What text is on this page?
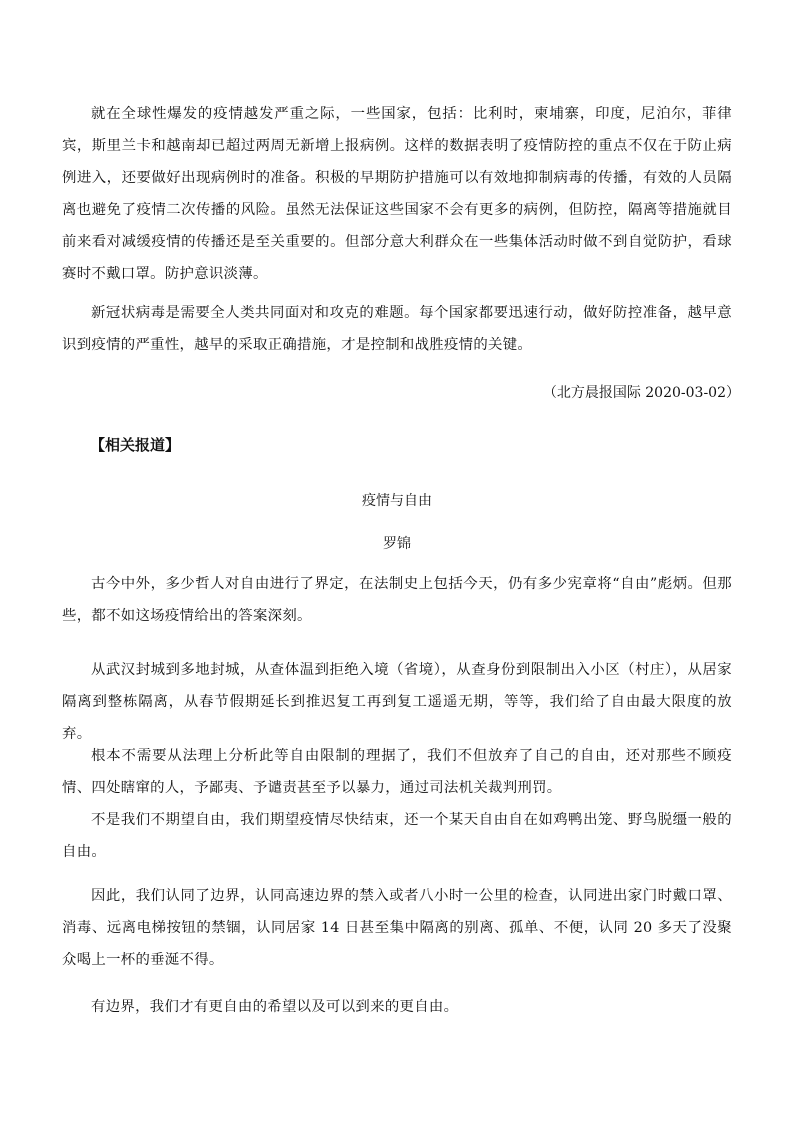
就在全球性爆发的疫情越发严重之际，一些国家，包括：比利时，柬埔寨，印度，尼泊尔，菲律宾，斯里兰卡和越南却已超过两周无新增上报病例。这样的数据表明了疫情防控的重点不仅在于防止病例进入，还要做好出现病例时的准备。积极的早期防护措施可以有效地抑制病毒的传播，有效的人员隔离也避免了疫情二次传播的风险。虽然无法保证这些国家不会有更多的病例，但防控，隔离等措施就目前来看对减缓疫情的传播还是至关重要的。但部分意大利群众在一些集体活动时做不到自觉防护，看球赛时不戴口罩。防护意识淡薄。

新冠状病毒是需要全人类共同面对和攻克的难题。每个国家都要迅速行动，做好防控准备，越早意识到疫情的严重性，越早的采取正确措施，才是控制和战胜疫情的关键。

（北方晨报国际 2020-03-02）

【相关报道】

疫情与自由

罗锦

古今中外，多少哲人对自由进行了界定，在法制史上包括今天，仍有多少宪章将“自由”彪炳。但那些，都不如这场疫情给出的答案深刻。

从武汉封城到多地封城，从查体温到拒绝入境（省境），从查身份到限制出入小区（村庄），从居家隔离到整栋隔离，从春节假期延长到推迟复工再到复工遥遥无期，等等，我们给了自由最大限度的放弃。

根本不需要从法理上分析此等自由限制的理据了，我们不但放弃了自己的自由，还对那些不顾疫情、四处瞎窜的人，予鄙夷、予谴责甚至予以暴力，通过司法机关裁判刑罚。

不是我们不期望自由，我们期望疫情尽快结束，还一个某天自由自在如鸡鸭出笼、野鸟脱缰一般的自由。

因此，我们认同了边界，认同高速边界的禁入或者八小时一公里的检查，认同进出家门时戴口罩、消毒、远离电梯按钮的禁锢，认同居家 14 日甚至集中隔离的别离、孤单、不便，认同 20 多天了没聚众喝上一杯的垂涎不得。

有边界，我们才有更自由的希望以及可以到来的更自由。
